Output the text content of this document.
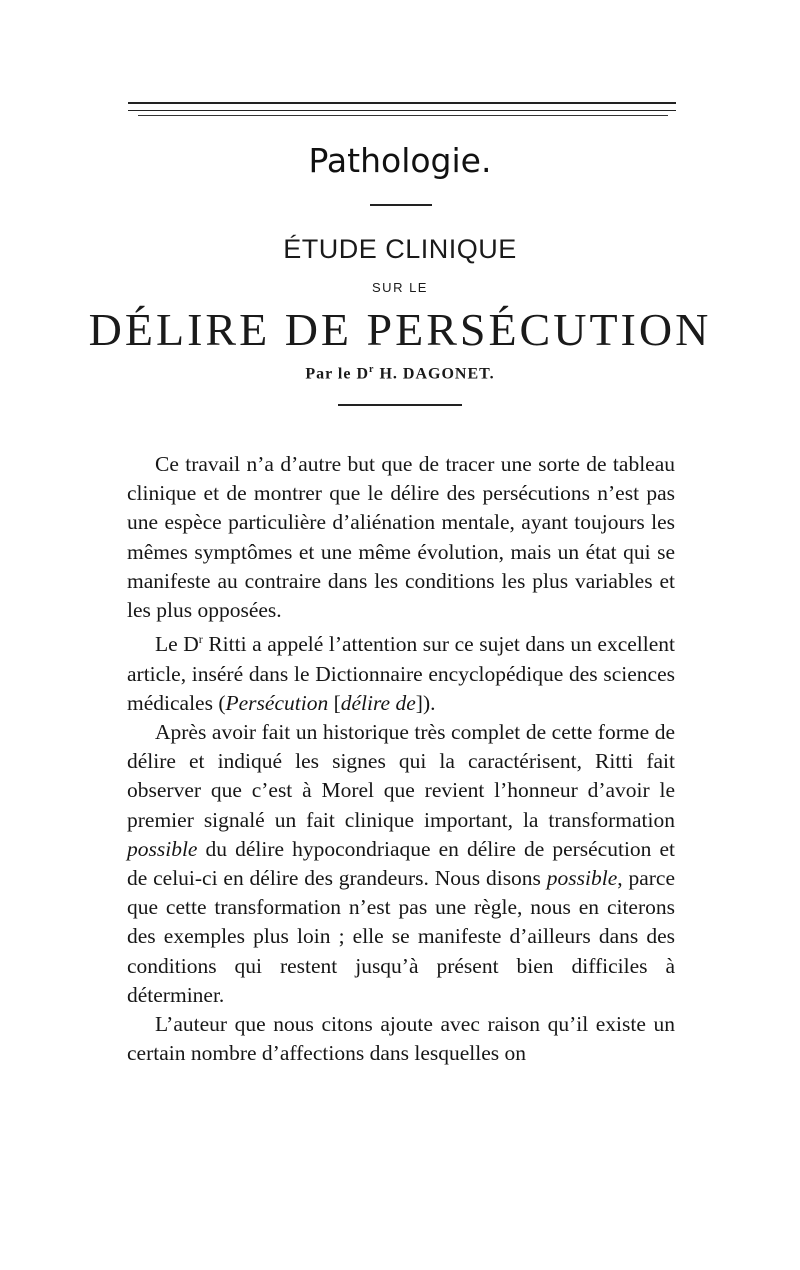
Pathologie.
ÉTUDE CLINIQUE
SUR LE
DÉLIRE DE PERSÉCUTION
Par le $D^r$ H. DAGONET.

Ce travail n’a d’autre but que de tracer une sorte de tableau clinique et de montrer que le délire des persécutions n’est pas une espèce particulière d’aliénation mentale, ayant toujours les mêmes symptômes et une même évolution, mais un état qui se manifeste au contraire dans les conditions les plus variables et les plus opposées.

Le $D^r$ Ritti a appelé l’attention sur ce sujet dans un excellent article, inséré dans le Dictionnaire encyclopédique des sciences médicales (Persécution [délire de]).

Après avoir fait un historique très complet de cette forme de délire et indiqué les signes qui la caractérisent, Ritti fait observer que c’est à Morel que revient l’honneur d’avoir le premier signalé un fait clinique important, la transformation possible du délire hypocondriaque en délire de persécution et de celui-ci en délire des grandeurs. Nous disons possible, parce que cette transformation n’est pas une règle, nous en citerons des exemples plus loin ; elle se manifeste d’ailleurs dans des conditions qui restent jusqu’à présent bien difficiles à déterminer.

L’auteur que nous citons ajoute avec raison qu’il existe un certain nombre d’affections dans lesquelles on
